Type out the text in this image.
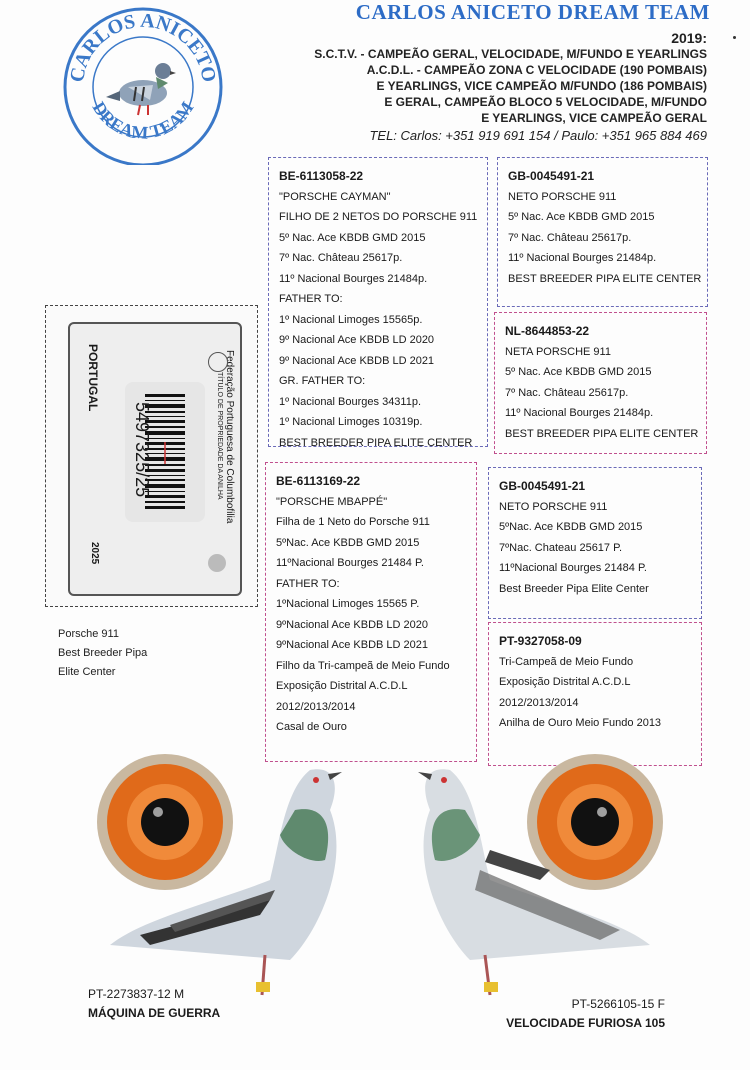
CARLOS ANICETO
DREAM TEAM
CARLOS ANICETO DREAM TEAM
2019:
S.C.T.V. - CAMPEÃO GERAL, VELOCIDADE, M/FUNDO E YEARLINGS
A.C.D.L. - CAMPEÃO ZONA C VELOCIDADE (190 POMBAIS)
E YEARLINGS, VICE CAMPEÃO M/FUNDO (186 POMBAIS)
E GERAL, CAMPEÃO BLOCO 5 VELOCIDADE, M/FUNDO
E YEARLINGS, VICE CAMPEÃO GERAL
TEL: Carlos: +351 919 691 154 / Paulo: +351 965 884 469
BE-6113058-22
"PORSCHE CAYMAN"
FILHO DE 2 NETOS DO PORSCHE 911
5º Nac. Ace KBDB GMD 2015
7º Nac. Château 25617p.
11º Nacional Bourges 21484p.
FATHER TO:
1º Nacional Limoges 15565p.
9º Nacional Ace KBDB LD 2020
9º Nacional Ace KBDB LD 2021
GR. FATHER TO:
1º Nacional Bourges 34311p.
1º Nacional Limoges 10319p.
BEST BREEDER PIPA ELITE CENTER
GB-0045491-21
NETO PORSCHE 911
5º Nac. Ace KBDB GMD 2015
7º Nac. Château 25617p.
11º Nacional Bourges 21484p.
BEST BREEDER PIPA ELITE CENTER
NL-8644853-22
NETA PORSCHE 911
5º Nac. Ace KBDB GMD 2015
7º Nac. Château 25617p.
11º Nacional Bourges 21484p.
BEST BREEDER PIPA ELITE CENTER
BE-6113169-22
"PORSCHE MBAPPÉ"
Filha de 1 Neto do Porsche 911
5ºNac. Ace KBDB GMD 2015
11ºNacional Bourges 21484 P.
FATHER TO:
1ºNacional Limoges 15565 P.
9ºNacional Ace KBDB LD 2020
9ºNacional Ace KBDB LD 2021
Filho da Tri-campeã de Meio Fundo
Exposição Distrital A.C.D.L
2012/2013/2014
Casal de Ouro
GB-0045491-21
NETO PORSCHE 911
5ºNac. Ace KBDB GMD 2015
7ºNac. Chateau 25617 P.
11ºNacional Bourges 21484 P.
Best Breeder Pipa Elite Center
PT-9327058-09
Tri-Campeã de Meio Fundo
Exposição Distrital A.C.D.L
2012/2013/2014
Anilha de Ouro Meio Fundo 2013
PORTUGAL
5497325/25	Federação Portuguesa de Columbofilia
TÍTULO DE PROPRIEDADE DA ANILHA
2025
Porsche 911
Best Breeder Pipa
Elite Center
PT-2273837-12 M
MÁQUINA DE GUERRA
PT-5266105-15 F
VELOCIDADE FURIOSA 105
